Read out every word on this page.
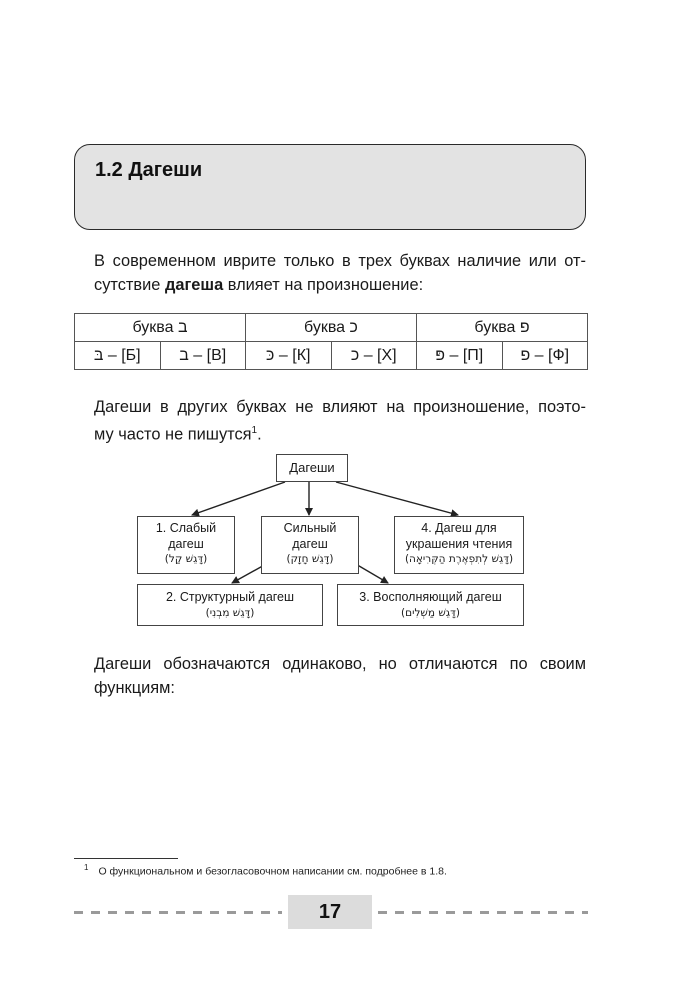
1.2 Дагеши

В современном иврите только в трех буквах наличие или от-
сутствие дагеша влияет на произношение:

буква ב		буква כ		буква פ	
בּ – [Б]	ב – [В]	כּ – [К]	כ – [Х]	פּ – [П]	פ – [Ф]

Дагеши в других буквах не влияют на произношение, поэто-
му часто не пишутся$^1$.

Дагеши
1. Слабый
дагеш
(דָּגֵשׁ קַל)
Сильный
дагеш
(דָּגֵשׁ חָזָק)
4. Дагеш для
украшения чтения
(דָּגֵשׁ לְתִפְאֶרֶת הַקְּרִיאָה)
2. Структурный дагеш
(דָּגֵשׁ מִבְנִי)
3. Восполняющий дагеш
(דָּגֵשׁ מַשְׁלִים)

Дагеши обозначаются одинаково, но отличаются по своим
функциям:

$^1$ О функциональном и безогласовочном написании см. подробнее в 1.8.

17
